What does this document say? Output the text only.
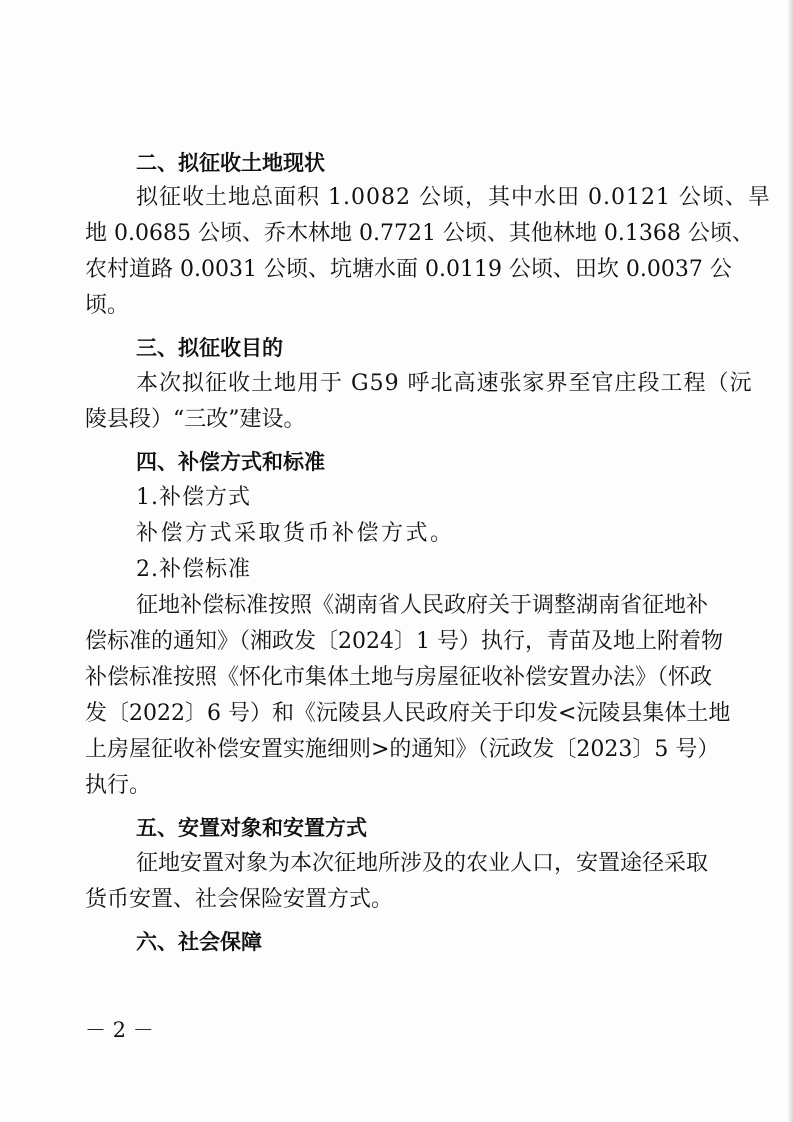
二、拟征收土地现状
拟征收土地总面积 1.0082 公顷，其中水田 0.0121 公顷、旱
地 0.0685 公顷、乔木林地 0.7721 公顷、其他林地 0.1368 公顷、
农村道路 0.0031 公顷、坑塘水面 0.0119 公顷、田坎 0.0037 公
顷。
三、拟征收目的
本次拟征收土地用于 G59 呼北高速张家界至官庄段工程（沅
陵县段）“三改”建设。
四、补偿方式和标准
1.补偿方式
补偿方式采取货币补偿方式。
2.补偿标准
征地补偿标准按照《湖南省人民政府关于调整湖南省征地补
偿标准的通知》（湘政发〔2024〕1 号）执行，青苗及地上附着物
补偿标准按照《怀化市集体土地与房屋征收补偿安置办法》（怀政
发〔2022〕6 号）和《沅陵县人民政府关于印发<沅陵县集体土地
上房屋征收补偿安置实施细则>的通知》（沅政发〔2023〕5 号）
执行。
五、安置对象和安置方式
征地安置对象为本次征地所涉及的农业人口，安置途径采取
货币安置、社会保险安置方式。
六、社会保障
－ 2 －
